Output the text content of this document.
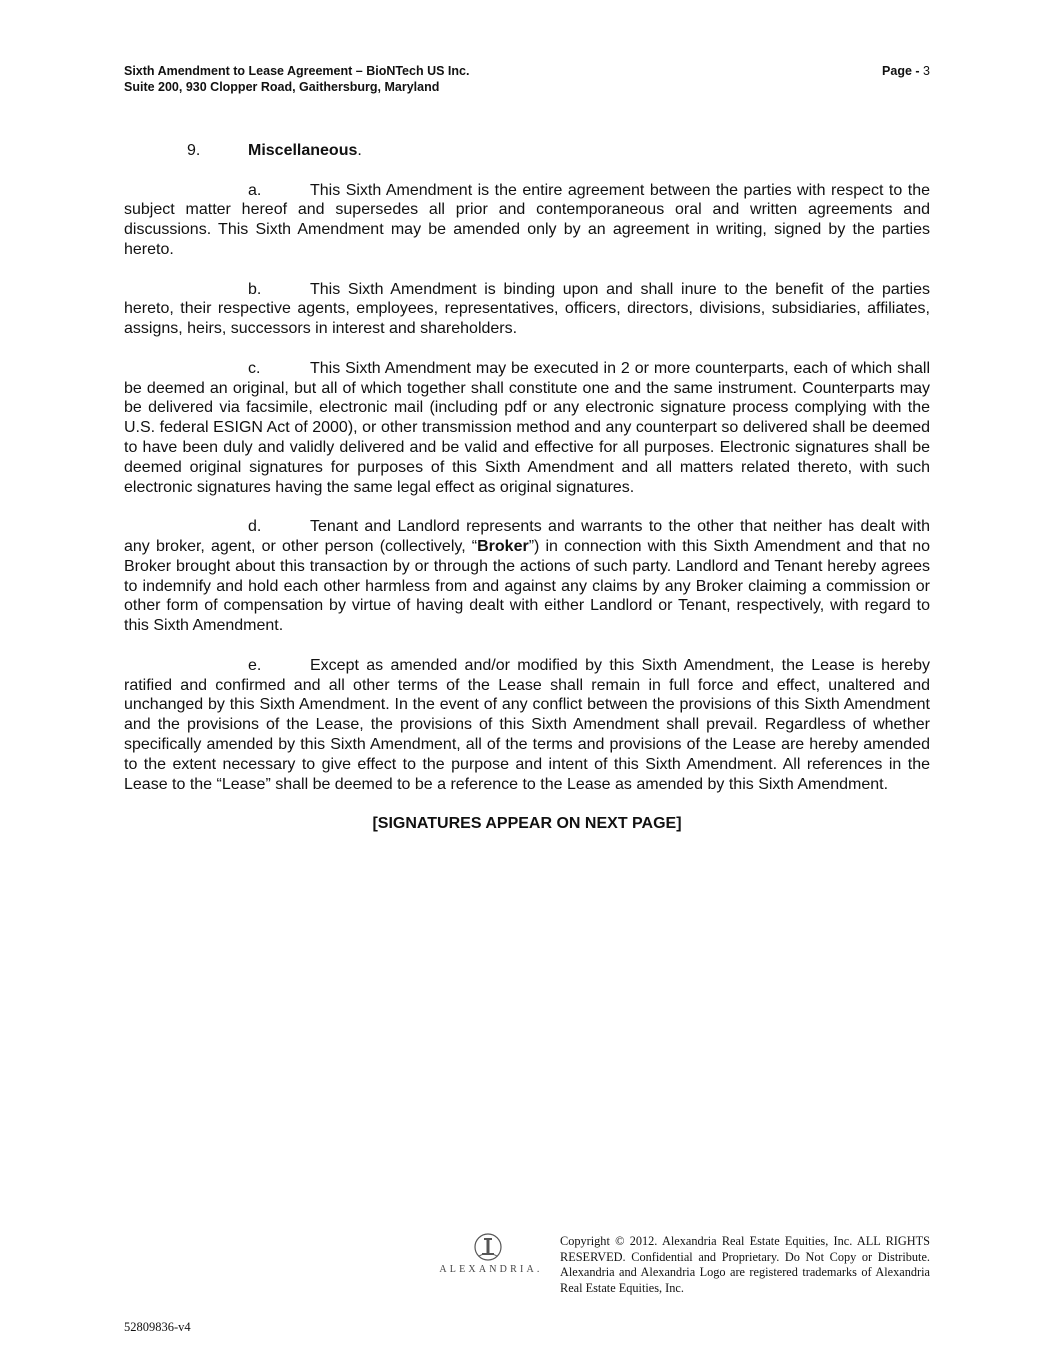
Sixth Amendment to Lease Agreement – BioNTech US Inc.
Suite 200, 930 Clopper Road, Gaithersburg, Maryland
Page - 3
9.	Miscellaneous.

a.	This Sixth Amendment is the entire agreement between the parties with respect to the subject matter hereof and supersedes all prior and contemporaneous oral and written agreements and discussions. This Sixth Amendment may be amended only by an agreement in writing, signed by the parties hereto.

b.	This Sixth Amendment is binding upon and shall inure to the benefit of the parties hereto, their respective agents, employees, representatives, officers, directors, divisions, subsidiaries, affiliates, assigns, heirs, successors in interest and shareholders.

c.	This Sixth Amendment may be executed in 2 or more counterparts, each of which shall be deemed an original, but all of which together shall constitute one and the same instrument. Counterparts may be delivered via facsimile, electronic mail (including pdf or any electronic signature process complying with the U.S. federal ESIGN Act of 2000), or other transmission method and any counterpart so delivered shall be deemed to have been duly and validly delivered and be valid and effective for all purposes. Electronic signatures shall be deemed original signatures for purposes of this Sixth Amendment and all matters related thereto, with such electronic signatures having the same legal effect as original signatures.

d.	Tenant and Landlord represents and warrants to the other that neither has dealt with any broker, agent, or other person (collectively, “Broker”) in connection with this Sixth Amendment and that no Broker brought about this transaction by or through the actions of such party. Landlord and Tenant hereby agrees to indemnify and hold each other harmless from and against any claims by any Broker claiming a commission or other form of compensation by virtue of having dealt with either Landlord or Tenant, respectively, with regard to this Sixth Amendment.

e.	Except as amended and/or modified by this Sixth Amendment, the Lease is hereby ratified and confirmed and all other terms of the Lease shall remain in full force and effect, unaltered and unchanged by this Sixth Amendment. In the event of any conflict between the provisions of this Sixth Amendment and the provisions of the Lease, the provisions of this Sixth Amendment shall prevail. Regardless of whether specifically amended by this Sixth Amendment, all of the terms and provisions of the Lease are hereby amended to the extent necessary to give effect to the purpose and intent of this Sixth Amendment. All references in the Lease to the “Lease” shall be deemed to be a reference to the Lease as amended by this Sixth Amendment.

[SIGNATURES APPEAR ON NEXT PAGE]
ALEXANDRIA.
Copyright © 2012. Alexandria Real Estate Equities, Inc. ALL RIGHTS RESERVED. Confidential and Proprietary. Do Not Copy or Distribute. Alexandria and Alexandria Logo are registered trademarks of Alexandria Real Estate Equities, Inc.
52809836-v4
